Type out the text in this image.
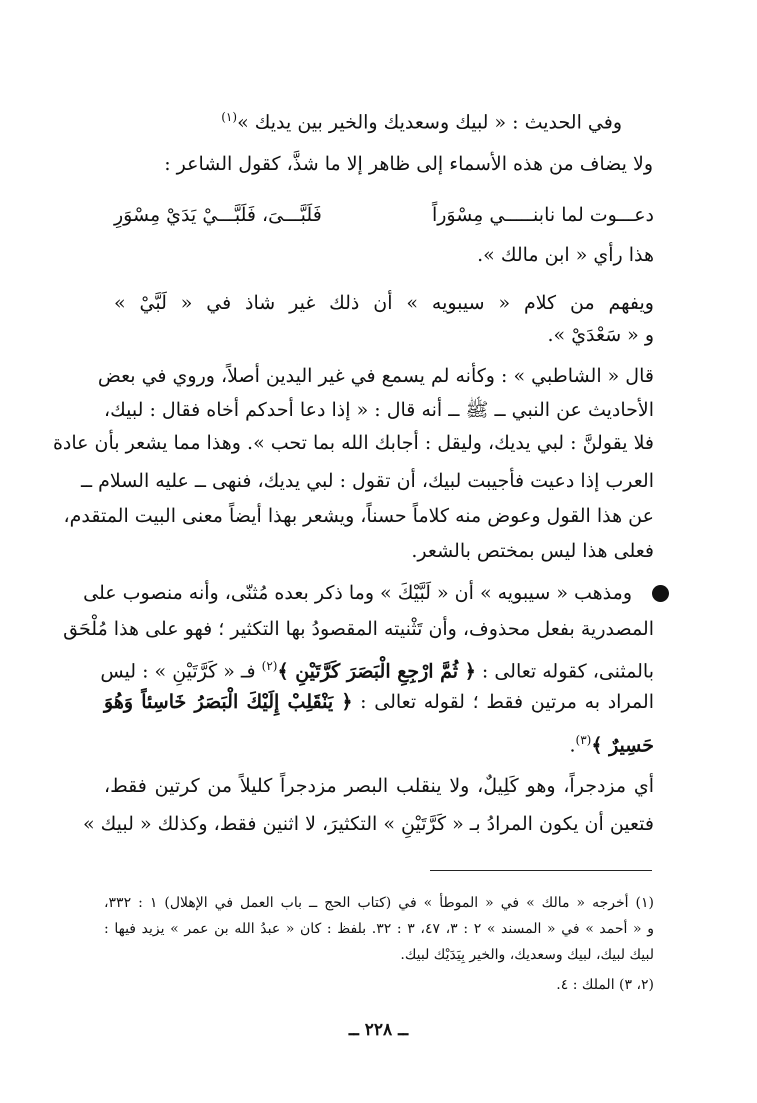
وفي الحديث : « لبيك وسعديك والخير بين يديك »$^{(١)}$
ولا يضاف من هذه الأسماء إلى ظاهر إلا ما شذَّ، كقول الشاعر :
دعـــوت لما نابنـــــي مِسْوَراً
فَلَبَّـــىَ، فَلَبَّـــيْ يَدَيْ مِسْوَرِ
هذا رأي « ابن مالك ».
ويفهم من كلام « سيبويه » أن ذلك غير شاذ في « لَبَّيْ »
و « سَعْدَيْ ».
قال « الشاطبي » : وكأنه لم يسمع في غير اليدين أصلاً، وروي في بعض
الأحاديث عن النبي ــ ﷺ ــ أنه قال : « إذا دعا أحدكم أخاه فقال : لبيك،
فلا يقولنَّ : لبي يديك، وليقل : أجابك الله بما تحب ». وهذا مما يشعر بأن عادة
العرب إذا دعيت فأجيبت لبيك، أن تقول : لبي يديك، فنهى ــ عليه السلام ــ
عن هذا القول وعوض منه كلاماً حسناً، ويشعر بهذا أيضاً معنى البيت المتقدم،
فعلى هذا ليس بمختص بالشعر.
ومذهب « سيبويه » أن « لَبَّيْكَ » وما ذكر بعده مُثنّى، وأنه منصوب على
المصدرية بفعل محذوف، وأن تَثْنيته المقصودُ بها التكثير ؛ فهو على هذا مُلْحَق
بالمثنى، كقوله تعالى : ﴿ ثُمَّ ارْجِعِ الْبَصَرَ كَرَّتَيْنِ ﴾$^{(٢)}$ فـ « كَرَّتَيْنِ » : ليس
المراد به مرتين فقط ؛ لقوله تعالى : ﴿ يَنْقَلِبْ إِلَيْكَ الْبَصَرُ خَاسِئاً وَهُوَ
حَسِيرٌ ﴾$^{(٣)}$.
أي مزدجراً، وهو كَلِيلٌ، ولا ينقلب البصر مزدجراً كليلاً من كرتين فقط،
فتعين أن يكون المرادُ بـ « كَرَّتَيْنِ » التكثيرَ، لا اثنين فقط، وكذلك « لبيك »
(١) أخرجه « مالك » في « الموطأ » في (كتاب الحج ــ باب العمل في الإهلال) ١ : ٣٣٢،
و « أحمد » في « المسند » ٢ : ٣، ٤٧، ٣ : ٣٢. بلفظ : كان « عبدُ الله بن عمر » يزيد فيها :
لبيك لبيك، لبيك وسعديك، والخير بِيَدَيْك لبيك.
(٢، ٣) الملك : ٤.
ــ ٢٢٨ ــ
